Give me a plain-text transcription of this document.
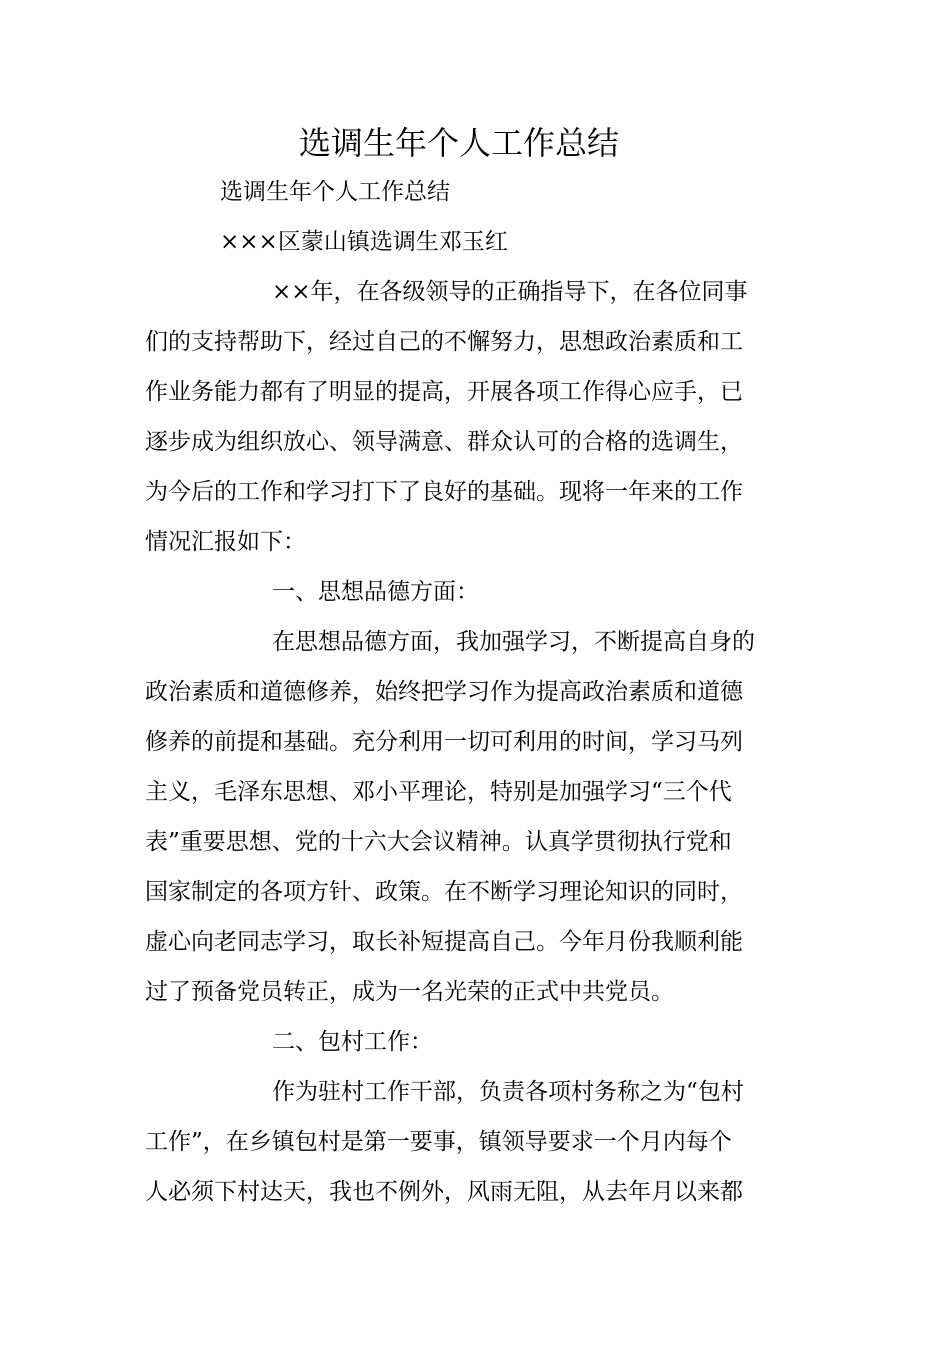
选调生年个人工作总结

选调生年个人工作总结

×××区蒙山镇选调生邓玉红

××年，在各级领导的正确指导下，在各位同事

们的支持帮助下，经过自己的不懈努力，思想政治素质和工

作业务能力都有了明显的提高，开展各项工作得心应手，已

逐步成为组织放心、领导满意、群众认可的合格的选调生，

为今后的工作和学习打下了良好的基础。现将一年来的工作

情况汇报如下：

一、思想品德方面：

在思想品德方面，我加强学习，不断提高自身的

政治素质和道德修养，始终把学习作为提高政治素质和道德

修养的前提和基础。充分利用一切可利用的时间，学习马列

主义，毛泽东思想、邓小平理论，特别是加强学习“三个代

表”重要思想、党的十六大会议精神。认真学贯彻执行党和

国家制定的各项方针、政策。在不断学习理论知识的同时，

虚心向老同志学习，取长补短提高自己。今年月份我顺利能

过了预备党员转正，成为一名光荣的正式中共党员。

二、包村工作：

作为驻村工作干部，负责各项村务称之为“包村

工作”，在乡镇包村是第一要事，镇领导要求一个月内每个

人必须下村达天，我也不例外，风雨无阻，从去年月以来都
